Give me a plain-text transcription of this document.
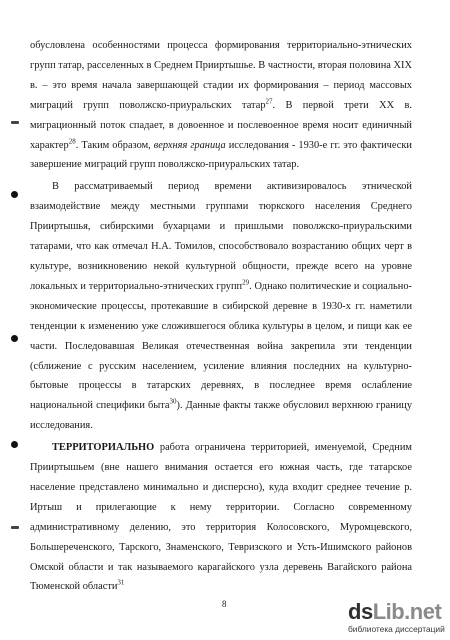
обусловлена особенностями процесса формирования территориально-этнических групп татар, расселенных в Среднем Прииртышье. В частности, вторая половина XIX в. – это время начала завершающей стадии их формирования – период массовых миграций групп поволжско-приуральских татар$^{27}$. В первой трети XX в. миграционный поток спадает, в довоенное и послевоенное время носит единичный характер$^{28}$. Таким образом, верхняя граница исследования - 1930-е гг. это фактически завершение миграций групп поволжско-приуральских татар.

В рассматриваемый период времени активизировалось этнической взаимодействие между местными группами тюркского населения Среднего Прииртышья, сибирскими бухарцами и пришлыми поволжско-приуральскими татарами, что как отмечал Н.А. Томилов, способствовало возрастанию общих черт в культуре, возникновению некой культурной общности, прежде всего на уровне локальных и территориально-этнических групп$^{29}$. Однако политические и социально-экономические процессы, протекавшие в сибирской деревне в 1930-х гг. наметили тенденции к изменению уже сложившегося облика культуры в целом, и пищи как ее части. Последовавшая Великая отечественная война закрепила эти тенденции (сближение с русским населением, усиление влияния последних на культурно-бытовые процессы в татарских деревнях, в последнее время ослабление национальной специфики быта$^{30}$). Данные факты также обусловил верхнюю границу исследования.

ТЕРРИТОРИАЛЬНО работа ограничена территорией, именуемой, Средним Прииртышьем (вне нашего внимания остается его южная часть, где татарское население представлено минимально и дисперсно), куда входит среднее течение р. Иртыш и прилегающие к нему территории. Согласно современному административному делению, это территория Колосовского, Муромцевского, Большереченского, Тарского, Знаменского, Тевризского и Усть-Ишимского районов Омской области и так называемого карагайского узла деревень Вагайского района Тюменской области$^{31}$

8	dsLib.net
библиотека диссертаций
